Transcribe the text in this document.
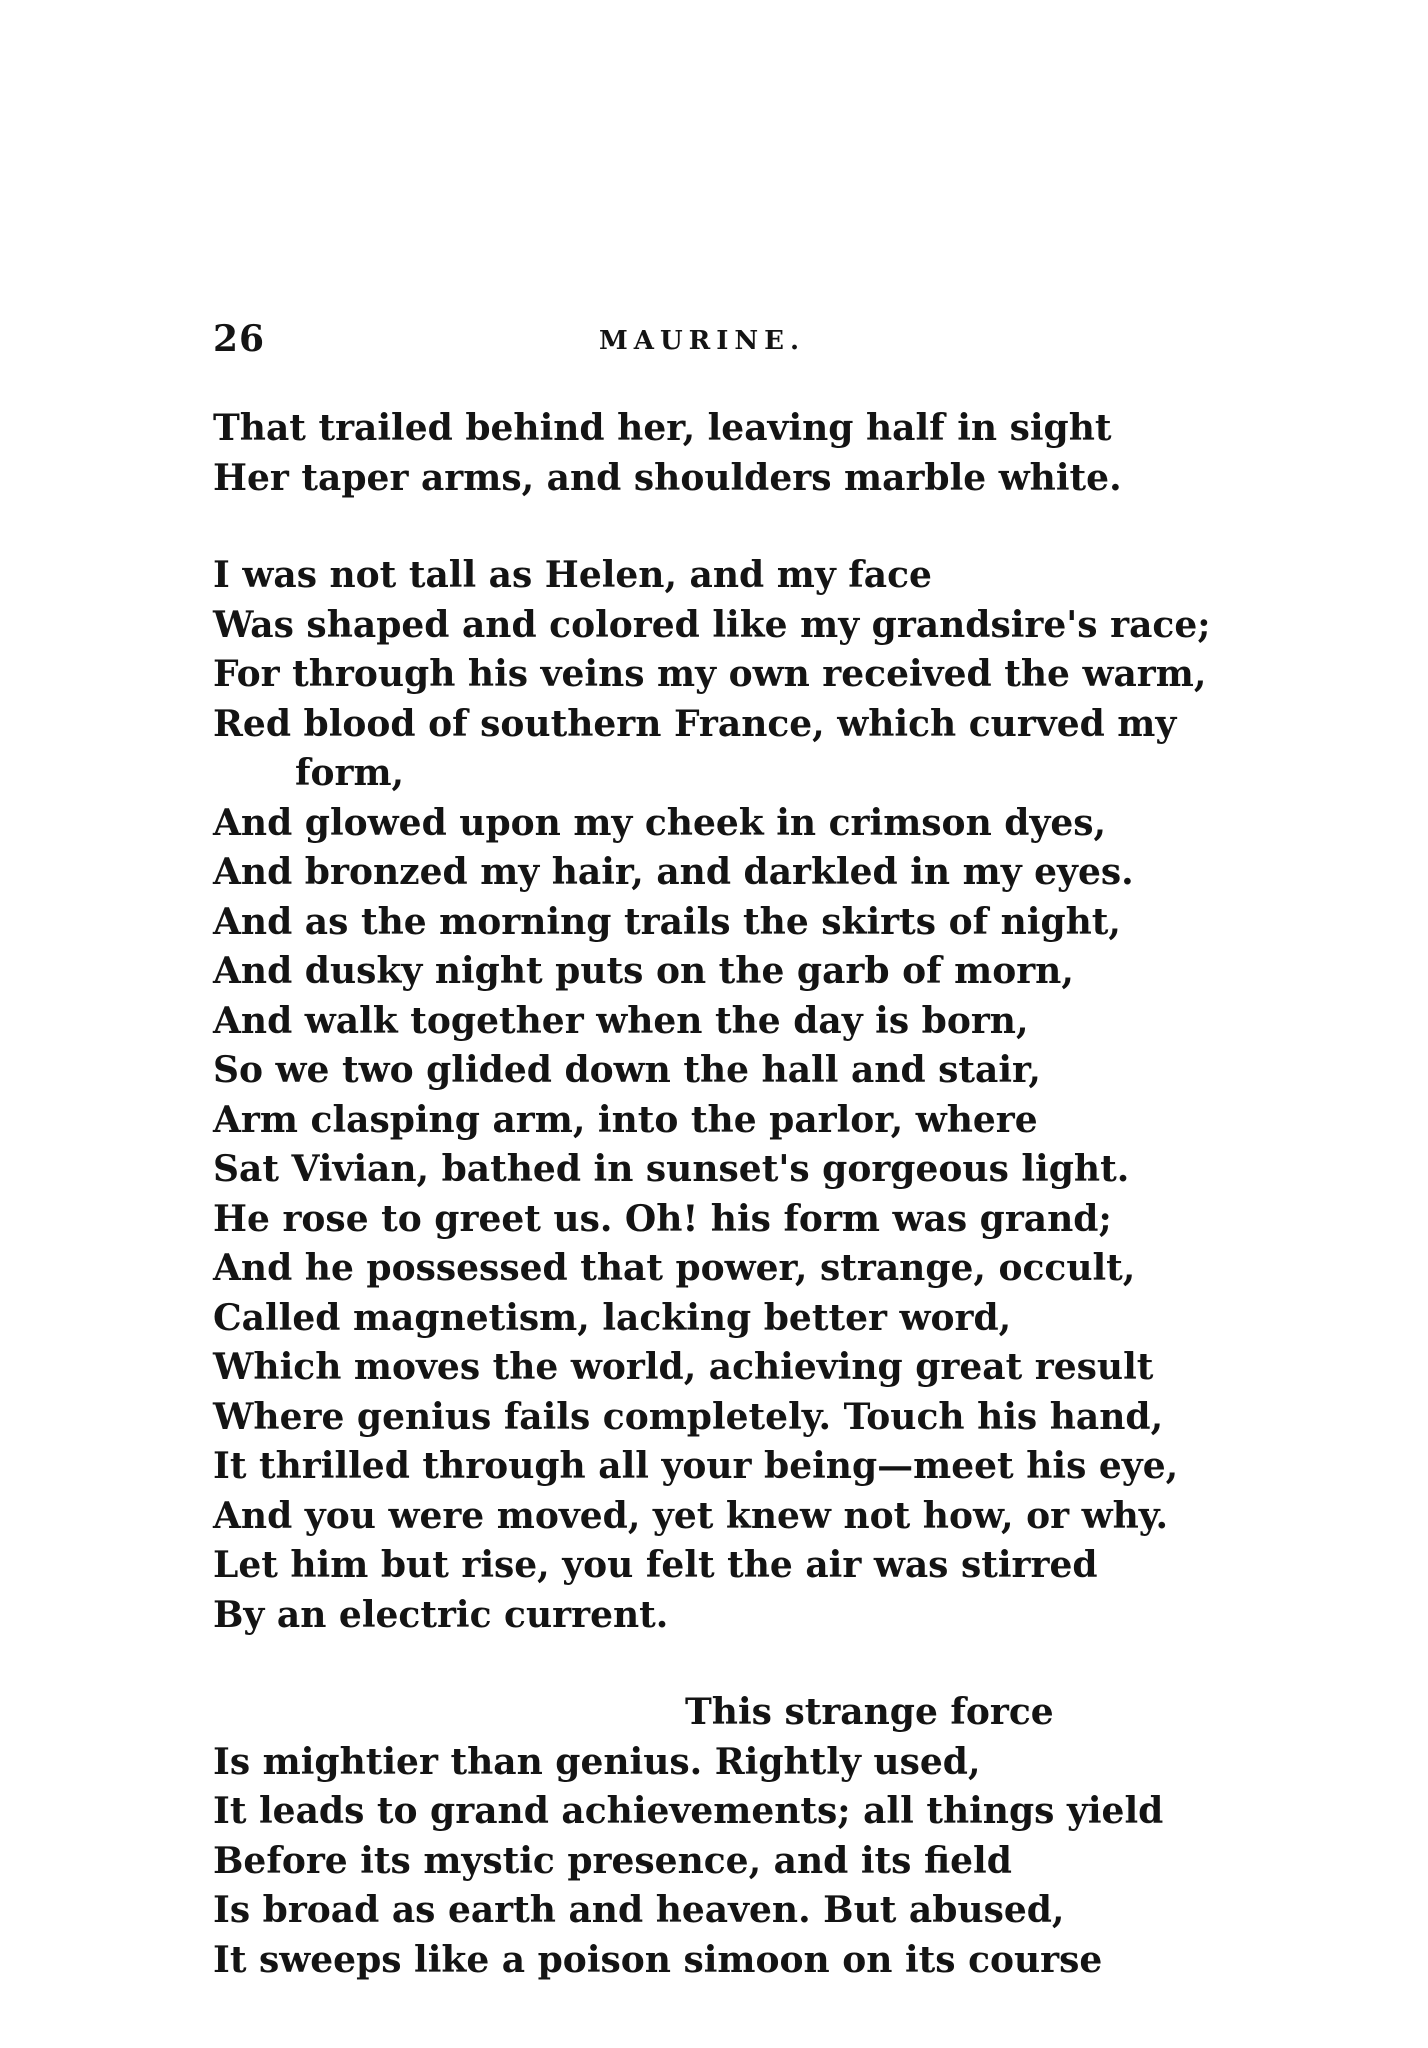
26	MAURINE.
That trailed behind her, leaving half in sight
Her taper arms, and shoulders marble white.
I was not tall as Helen, and my face
Was shaped and colored like my grandsire's race;
For through his veins my own received the warm,
Red blood of southern France, which curved my
form,
And glowed upon my cheek in crimson dyes,
And bronzed my hair, and darkled in my eyes.
And as the morning trails the skirts of night,
And dusky night puts on the garb of morn,
And walk together when the day is born,
So we two glided down the hall and stair,
Arm clasping arm, into the parlor, where
Sat Vivian, bathed in sunset's gorgeous light.
He rose to greet us. Oh! his form was grand;
And he possessed that power, strange, occult,
Called magnetism, lacking better word,
Which moves the world, achieving great result
Where genius fails completely. Touch his hand,
It thrilled through all your being—meet his eye,
And you were moved, yet knew not how, or why.
Let him but rise, you felt the air was stirred
By an electric current.
This strange force
Is mightier than genius. Rightly used,
It leads to grand achievements; all things yield
Before its mystic presence, and its field
Is broad as earth and heaven. But abused,
It sweeps like a poison simoon on its course
